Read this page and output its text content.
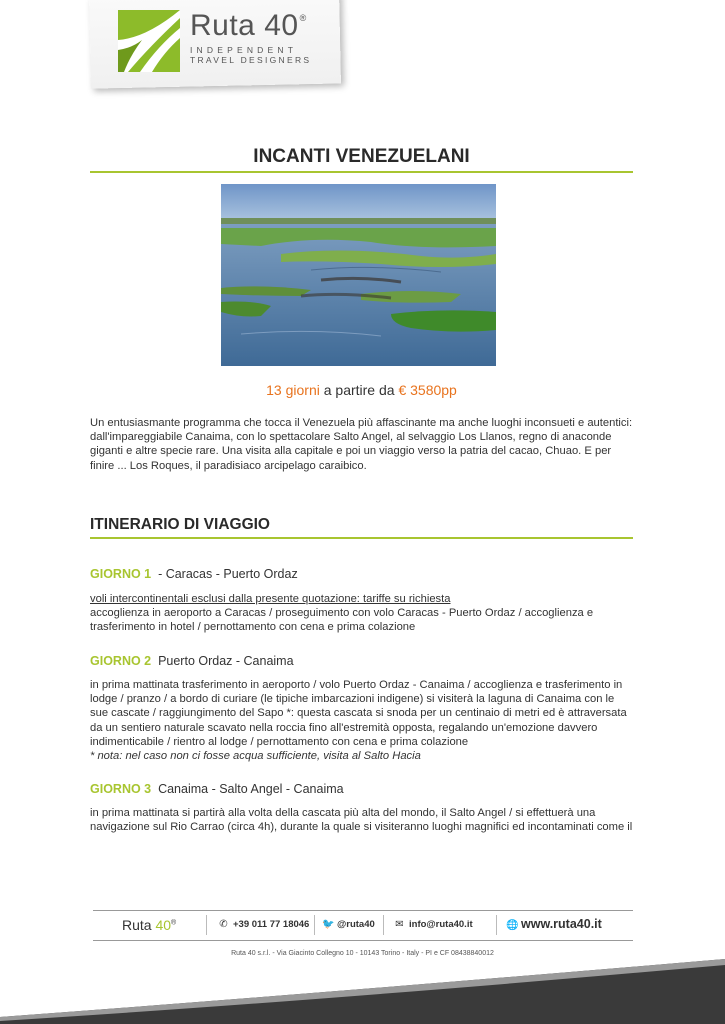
Ruta 40®
INDEPENDENT
TRAVEL DESIGNERS
INCANTI VENEZUELANI
13 giorni a partire da € 3580pp

Un entusiasmante programma che tocca il Venezuela più affascinante ma anche luoghi inconsueti e autentici: dall'impareggiabile Canaima, con lo spettacolare Salto Angel, al selvaggio Los Llanos, regno di anaconde giganti e altre specie rare. Una visita alla capitale e poi un viaggio verso la patria del cacao, Chuao. E per finire ... Los Roques, il paradisiaco arcipelago caraibico.

ITINERARIO DI VIAGGIO
GIORNO 1  - Caracas - Puerto Ordaz

voli intercontinentali esclusi dalla presente quotazione: tariffe su richiesta
accoglienza in aeroporto a Caracas / proseguimento con volo Caracas - Puerto Ordaz / accoglienza e trasferimento in hotel / pernottamento con cena e prima colazione

GIORNO 2  Puerto Ordaz - Canaima

in prima mattinata trasferimento in aeroporto / volo Puerto Ordaz - Canaima / accoglienza e trasferimento in lodge / pranzo / a bordo di curiare (le tipiche imbarcazioni indigene) si visiterà la laguna di Canaima con le sue cascate / raggiungimento del Sapo *: questa cascata si snoda per un centinaio di metri ed è attraversata da un sentiero naturale scavato nella roccia fino all'estremità opposta, regalando un'emozione davvero indimenticabile / rientro al lodge / pernottamento con cena e prima colazione
* nota: nel caso non ci fosse acqua sufficiente, visita al Salto Hacia

GIORNO 3  Canaima - Salto Angel - Canaima

in prima mattinata si partirà alla volta della cascata più alta del mondo, il Salto Angel / si effettuerà una navigazione sul Rio Carrao (circa 4h), durante la quale si visiteranno luoghi magnifici ed incontaminati come il

Ruta 40®	✆ +39 011 77 18046 🐦 @ruta40 ✉ info@ruta40.it	🌐 www.ruta40.it
Ruta 40 s.r.l. - Via Giacinto Collegno 10 - 10143 Torino - Italy - PI e CF 08438840012
